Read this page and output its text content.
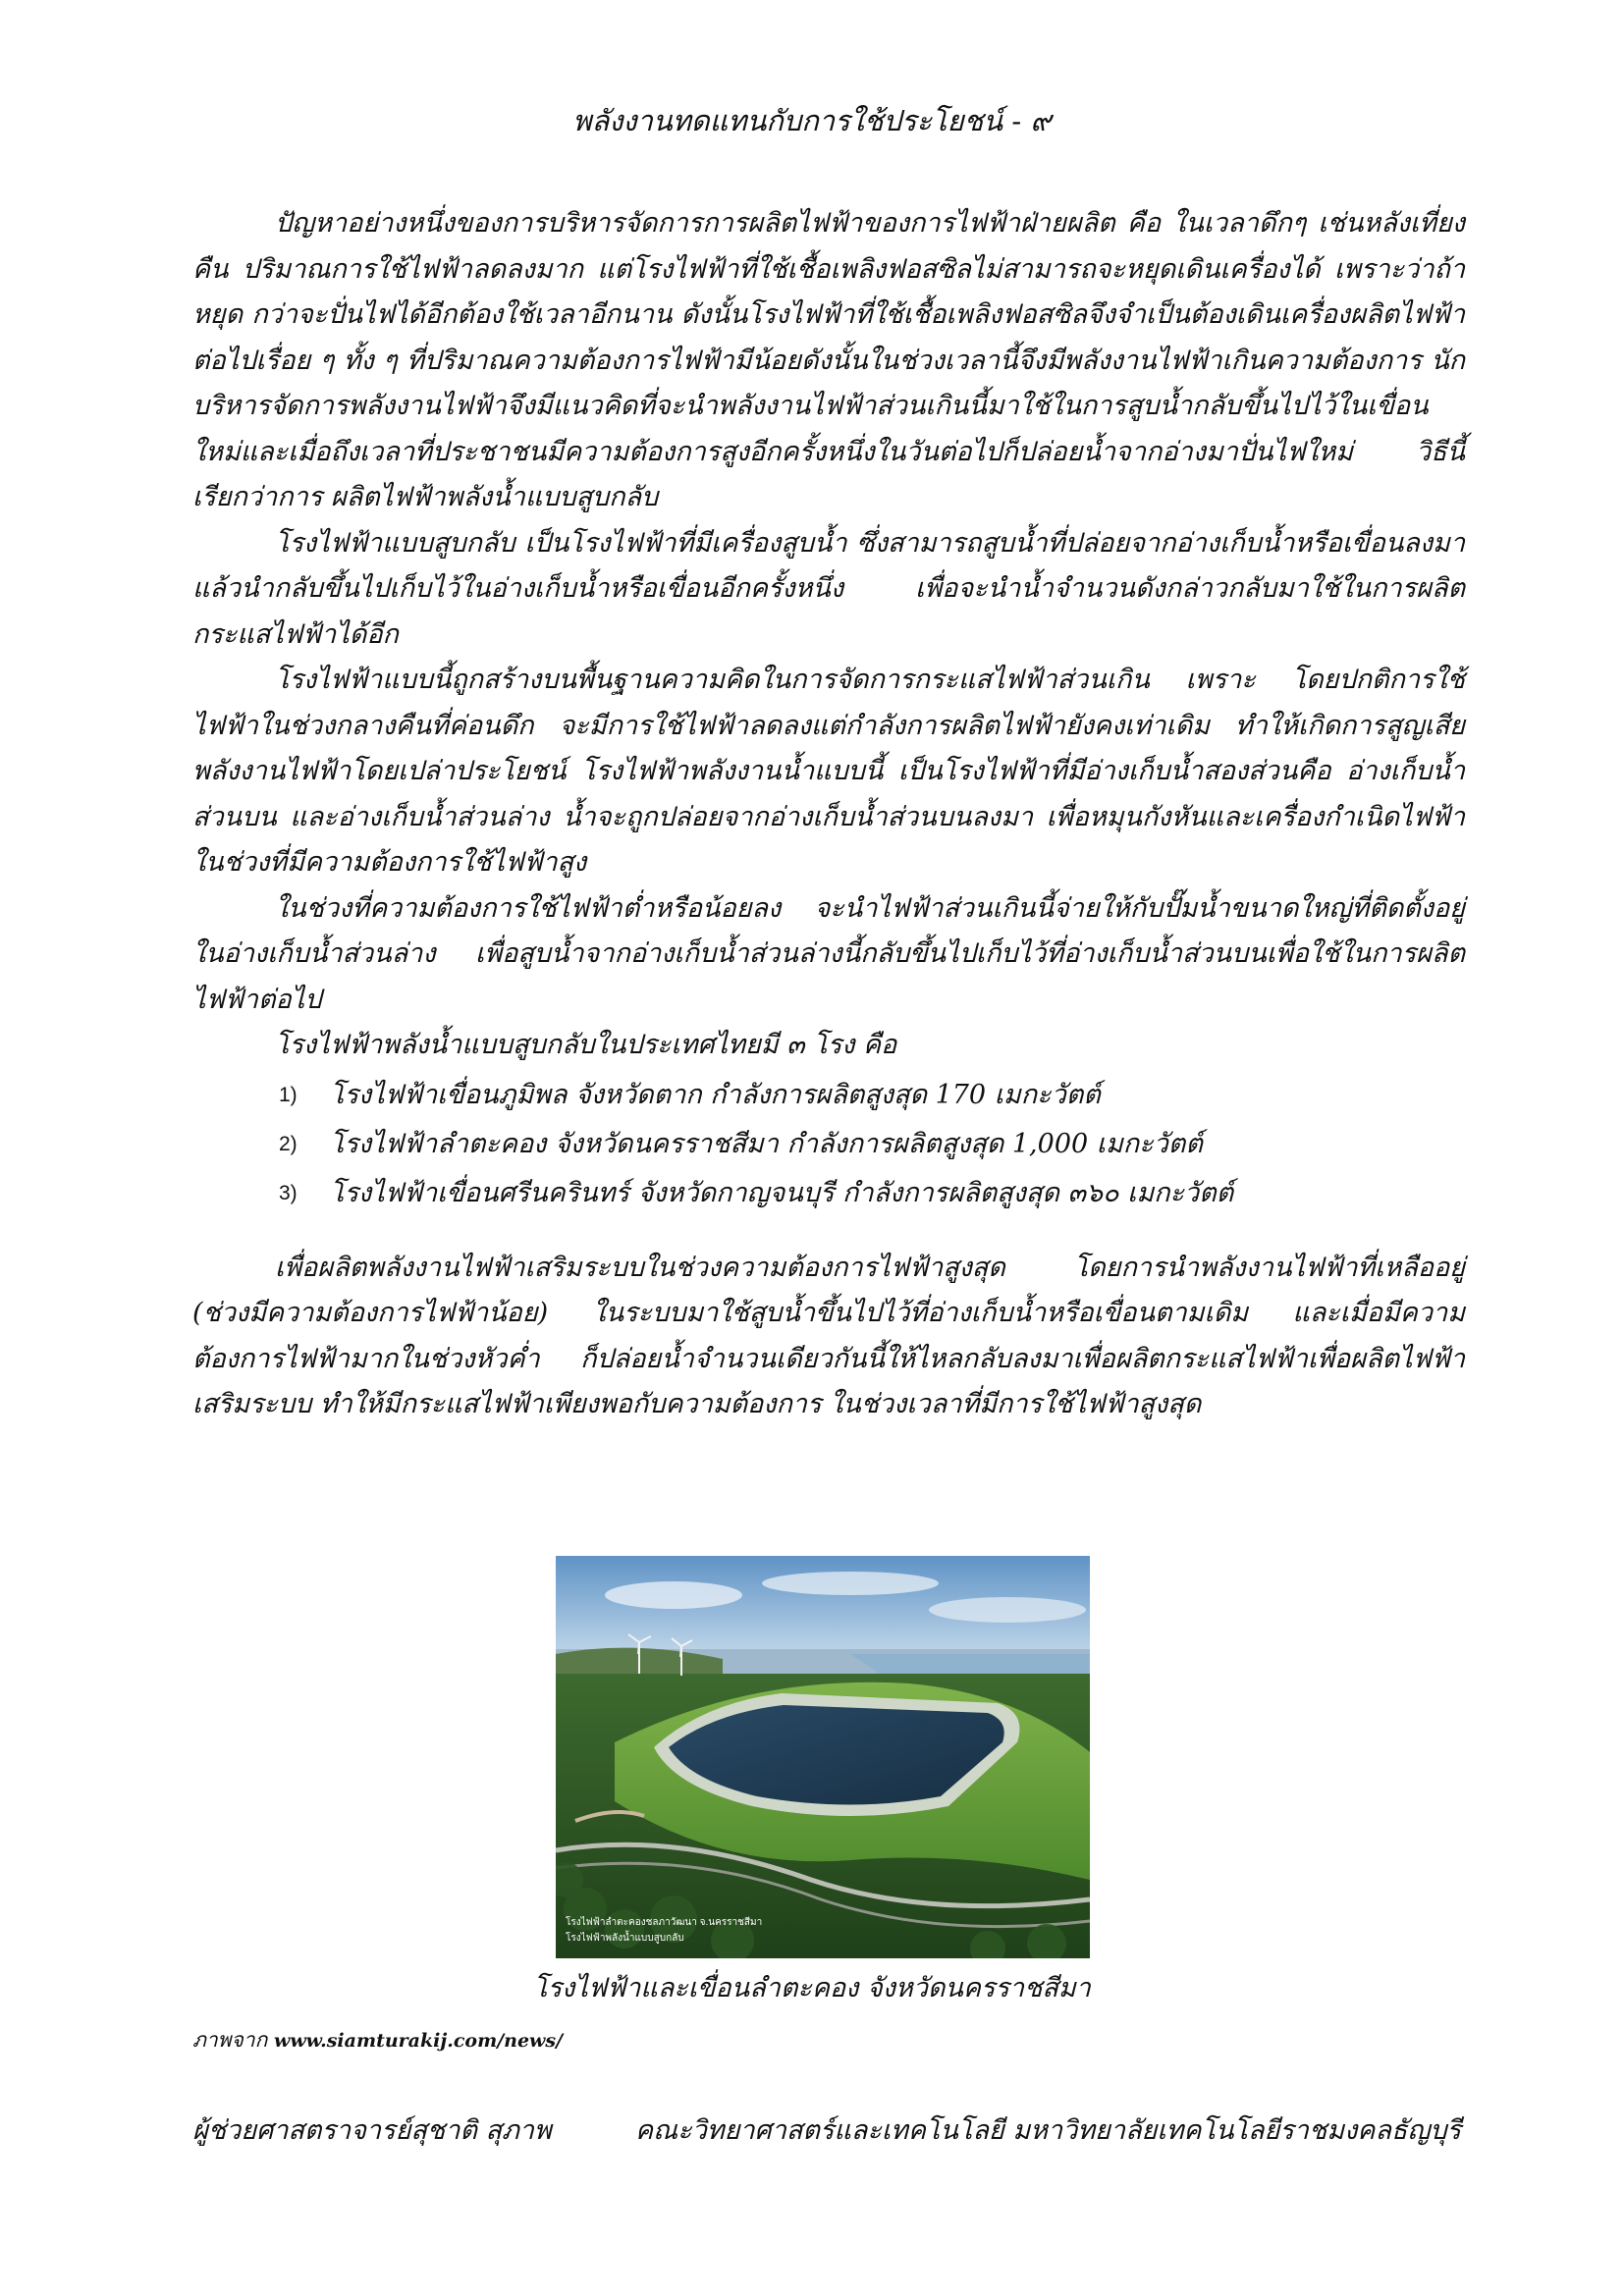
พลังงานทดแทนกับการใช้ประโยชน์ - ๙

ปัญหาอย่างหนึ่งของการบริหารจัดการการผลิตไฟฟ้าของการไฟฟ้าฝ่ายผลิต คือ ในเวลาดึกๆ เช่นหลังเที่ยงคืน ปริมาณการใช้ไฟฟ้าลดลงมาก แต่โรงไฟฟ้าที่ใช้เชื้อเพลิงฟอสซิลไม่สามารถจะหยุดเดินเครื่องได้ เพราะว่าถ้าหยุด กว่าจะปั่นไฟได้อีกต้องใช้เวลาอีกนาน ดังนั้นโรงไฟฟ้าที่ใช้เชื้อเพลิงฟอสซิลจึงจำเป็นต้องเดินเครื่องผลิตไฟฟ้าต่อไปเรื่อย ๆ ทั้ง ๆ ที่ปริมาณความต้องการไฟฟ้ามีน้อยดังนั้นในช่วงเวลานี้จึงมีพลังงานไฟฟ้าเกินความต้องการ นักบริหารจัดการพลังงานไฟฟ้าจึงมีแนวคิดที่จะนำพลังงานไฟฟ้าส่วนเกินนี้มาใช้ในการสูบน้ำกลับขึ้นไปไว้ในเขื่อนใหม่และเมื่อถึงเวลาที่ประชาชนมีความต้องการสูงอีกครั้งหนึ่งในวันต่อไปก็ปล่อยน้ำจากอ่างมาปั่นไฟใหม่ วิธีนี้เรียกว่าการ ผลิตไฟฟ้าพลังน้ำแบบสูบกลับ

โรงไฟฟ้าแบบสูบกลับ เป็นโรงไฟฟ้าที่มีเครื่องสูบน้ำ ซึ่งสามารถสูบน้ำที่ปล่อยจากอ่างเก็บน้ำหรือเขื่อนลงมาแล้วนำกลับขึ้นไปเก็บไว้ในอ่างเก็บน้ำหรือเขื่อนอีกครั้งหนึ่ง เพื่อจะนำน้ำจำนวนดังกล่าวกลับมาใช้ในการผลิตกระแสไฟฟ้าได้อีก

โรงไฟฟ้าแบบนี้ถูกสร้างบนพื้นฐานความคิดในการจัดการกระแสไฟฟ้าส่วนเกิน เพราะ โดยปกติการใช้ไฟฟ้าในช่วงกลางคืนที่ค่อนดึก จะมีการใช้ไฟฟ้าลดลงแต่กำลังการผลิตไฟฟ้ายังคงเท่าเดิม ทำให้เกิดการสูญเสียพลังงานไฟฟ้าโดยเปล่าประโยชน์ โรงไฟฟ้าพลังงานน้ำแบบนี้ เป็นโรงไฟฟ้าที่มีอ่างเก็บน้ำสองส่วนคือ อ่างเก็บน้ำส่วนบน และอ่างเก็บน้ำส่วนล่าง น้ำจะถูกปล่อยจากอ่างเก็บน้ำส่วนบนลงมา เพื่อหมุนกังหันและเครื่องกำเนิดไฟฟ้าในช่วงที่มีความต้องการใช้ไฟฟ้าสูง

ในช่วงที่ความต้องการใช้ไฟฟ้าต่ำหรือน้อยลง จะนำไฟฟ้าส่วนเกินนี้จ่ายให้กับปั๊มน้ำขนาดใหญ่ที่ติดตั้งอยู่ในอ่างเก็บน้ำส่วนล่าง เพื่อสูบน้ำจากอ่างเก็บน้ำส่วนล่างนี้กลับขึ้นไปเก็บไว้ที่อ่างเก็บน้ำส่วนบนเพื่อใช้ในการผลิตไฟฟ้าต่อไป

โรงไฟฟ้าพลังน้ำแบบสูบกลับในประเทศไทยมี ๓ โรง คือ

1)	โรงไฟฟ้าเขื่อนภูมิพล จังหวัดตาก กำลังการผลิตสูงสุด 170 เมกะวัตต์
2)	โรงไฟฟ้าลำตะคอง จังหวัดนครราชสีมา กำลังการผลิตสูงสุด 1,000 เมกะวัตต์
3)	โรงไฟฟ้าเขื่อนศรีนครินทร์ จังหวัดกาญจนบุรี กำลังการผลิตสูงสุด ๓๖๐ เมกะวัตต์

เพื่อผลิตพลังงานไฟฟ้าเสริมระบบในช่วงความต้องการไฟฟ้าสูงสุด โดยการนำพลังงานไฟฟ้าที่เหลืออยู่ (ช่วงมีความต้องการไฟฟ้าน้อย) ในระบบมาใช้สูบน้ำขึ้นไปไว้ที่อ่างเก็บน้ำหรือเขื่อนตามเดิม และเมื่อมีความต้องการไฟฟ้ามากในช่วงหัวค่ำ ก็ปล่อยน้ำจำนวนเดียวกันนี้ให้ไหลกลับลงมาเพื่อผลิตกระแสไฟฟ้าเพื่อผลิตไฟฟ้าเสริมระบบ ทำให้มีกระแสไฟฟ้าเพียงพอกับความต้องการ ในช่วงเวลาที่มีการใช้ไฟฟ้าสูงสุด

โรงไฟฟ้าลำตะคองชลภาวัฒนา จ.นครราชสีมา
โรงไฟฟ้าพลังน้ำแบบสูบกลับ

โรงไฟฟ้าและเขื่อนลำตะคอง จังหวัดนครราชสีมา

ภาพจาก www.siamturakij.com/news/
ผู้ช่วยศาสตราจารย์สุชาติ สุภาพ	คณะวิทยาศาสตร์และเทคโนโลยี มหาวิทยาลัยเทคโนโลยีราชมงคลธัญบุรี
